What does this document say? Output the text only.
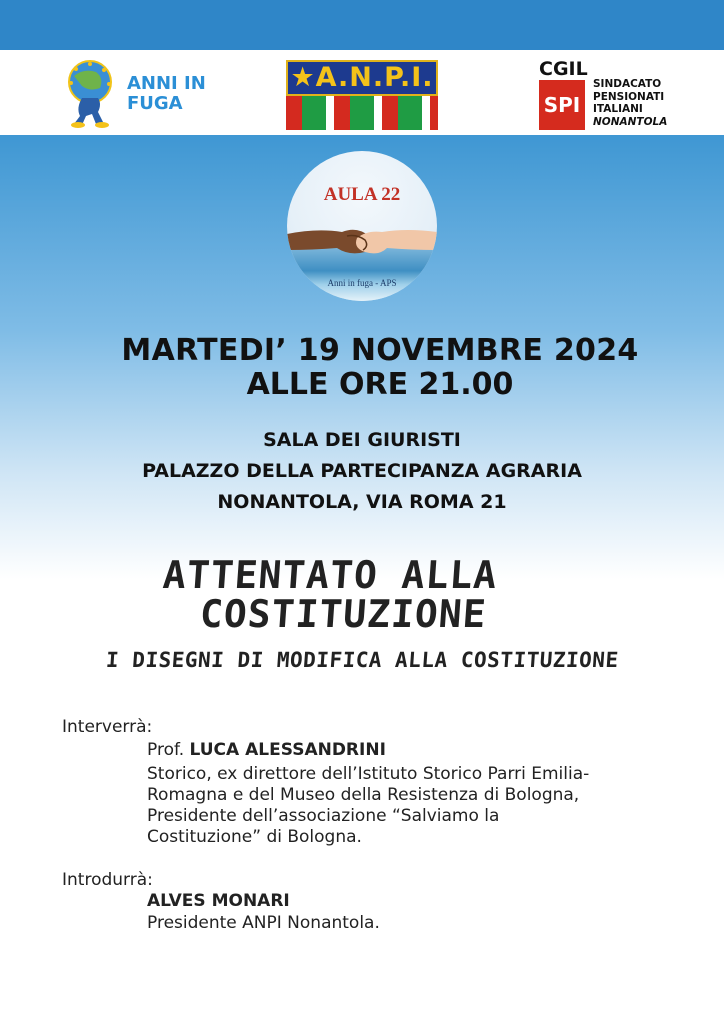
ANNI IN
FUGA
★A.N.P.I.	CGIL
SPI
SINDACATO
PENSIONATI
ITALIANI
NONANTOLA
AULA 22
Anni in fuga - APS
MARTEDI’ 19 NOVEMBRE 2024
ALLE ORE 21.00
SALA DEI GIURISTI
PALAZZO DELLA PARTECIPANZA AGRARIA
NONANTOLA, VIA ROMA 21
ATTENTATO ALLA
COSTITUZIONE
I DISEGNI DI MODIFICA ALLA COSTITUZIONE
Interverrà:
Prof. LUCA ALESSANDRINI
Storico, ex direttore dell’Istituto Storico Parri Emilia-
Romagna e del Museo della Resistenza di Bologna,
Presidente dell’associazione “Salviamo la
Costituzione” di Bologna.
Introdurrà:
ALVES MONARI
Presidente ANPI Nonantola.
